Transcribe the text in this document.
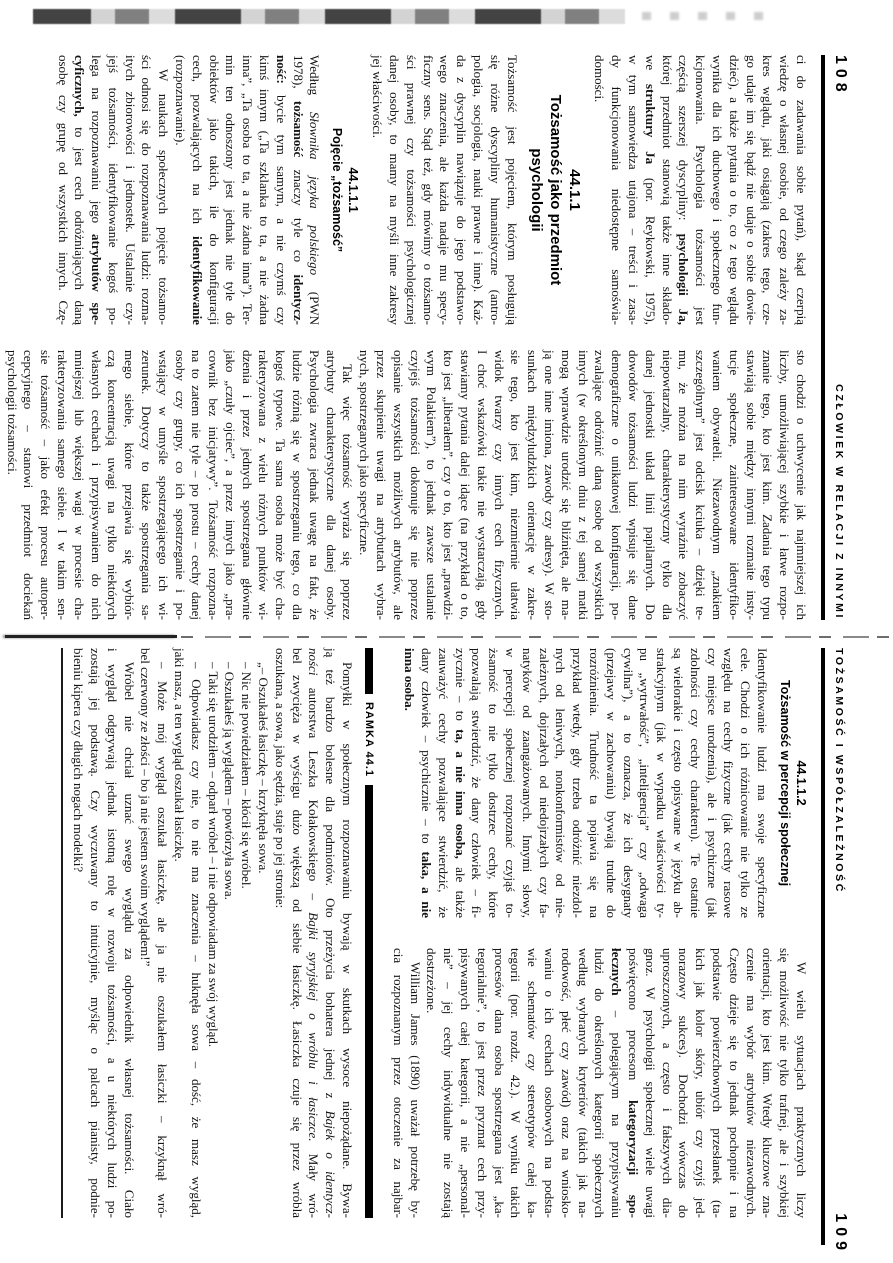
108
CZŁOWIEK W RELACJI Z INNYMI
ci do zadawania sobie pytań), skąd czerpią
wiedzę o własnej osobie, od czego zależy za-
kres wglądu, jaki osiągają (zakres tego, cze-
go udaje im się bądź nie udaje o sobie dowie-
dzieć), a także pytania o to, co z tego wglądu
wynika dla ich duchowego i społecznego fun-
kcjonowania. Psychologia tożsamości jest
częścią szerszej dyscypliny: psychologii Ja,
której przedmiot stanowią także inne składo-
we struktury Ja (por. Reykowski, 1975),
w tym samowiedza utajona – treści i zasa-
dy funkcjonowania niedostępne samoświa-
domości.
44.1.1
Tożsamość jako przedmiot
psychologii
Tożsamość jest pojęciem, którym posługują
się różne dyscypliny humanistyczne (antro-
pologia, socjologia, nauki prawne i inne). Każ-
da z dyscyplin nawiązuje do jego podstawo-
wego znaczenia, ale każda nadaje mu specy-
ficzny sens. Stąd też, gdy mówimy o tożsamo-
ści prawnej czy tożsamości psychologicznej
danej osoby, to mamy na myśli inne zakresy
jej właściwości.
44.1.1.1
Pojęcie „tożsamość”
Według Słownika języka polskiego (PWN
1978), tożsamość znaczy tyle co identycz-
ność: bycie tym samym, a nie czymś czy
kimś innym („Ta szklanka to ta, a nie żadna
inna”, „Ta osoba to ta, a nie żadna inna”). Ter-
min ten odnoszony jest jednak nie tyle do
obiektów jako takich, ile do konfiguracji
cech, pozwalających na ich identyfikowanie
(rozpoznawanie).
W naukach społecznych pojęcie tożsamo-
ści odnosi się do rozpoznawania ludzi: rozma-
itych zbiorowości i jednostek. Ustalanie czy-
jejś tożsamości, identyfikowanie kogoś po-
lega na rozpoznawaniu jego atrybutów spe-
cyficznych, to jest cech odróżniających daną
osobę czy grupę od wszystkich innych. Czę-
sto chodzi o uchwycenie jak najmniejszej ich
liczby, umożliwiającej szybkie i łatwe rozpo-
znanie tego, kto jest kim. Zadania tego typu
stawiają sobie między innymi rozmaite insty-
tucje społeczne, zainteresowane identyfiko-
waniem obywateli. Niezawodnym „znakiem
szczególnym” jest odcisk kciuka – dzięki te-
mu, że można na nim wyraźnie zobaczyć
niepowtarzalny, charakterystyczny tylko dla
danej jednostki układ linii papilarnych. Do
dowodów tożsamości ludzi wpisuje się dane
demograficzne o unikatowej konfiguracji, po-
zwalające odróżnić daną osobę od wszystkich
innych (w określonym dniu z tej samej matki
mogą wprawdzie urodzić się bliźnięta, ale ma-
ją one inne imiona, zawody czy adresy). W sto-
sunkach międzyludzkich orientację w zakre-
sie tego, kto jest kim, niezmiernie ułatwia
widok twarzy czy innych cech fizycznych.
I choć wskazówki takie nie wystarczają, gdy
stawiamy pytania dalej idące (na przykład o to,
kto jest „liberałem”, czy o to, kto jest „prawdzi-
wym Polakiem”), to jednak zawsze ustalanie
czyjejś tożsamości dokonuje się nie poprzez
opisanie wszystkich możliwych atrybutów, ale
przez skupienie uwagi na atrybutach wybra-
nych, spostrzeganych jako specyficzne.
Tak więc tożsamość wyraża się poprzez
atrybuty charakterystyczne dla danej osoby.
Psychologia zwraca jednak uwagę na fakt, że
ludzie różnią się w spostrzeganiu tego, co dla
kogoś typowe. Ta sama osoba może być cha-
rakteryzowana z wielu różnych punktów wi-
dzenia i przez jednych spostrzegana głównie
jako „czuły ojciec”, a przez innych jako „pra-
cownik bez inicjatywy”. Tożsamość rozpozna-
na to zatem nie tyle – po prostu – cechy danej
osoby czy grupy, co ich spostrzeganie i po-
wstający w umyśle spostrzegającego ich wi-
zerunek. Dotyczy to także spostrzegania sa-
mego siebie, które przejawia się wybiór-
czą koncentracją uwagi na tylko niektórych
własnych cechach i przypisywaniem do nich
mniejszej lub większej wagi w procesie cha-
rakteryzowania samego siebie. I w takim sen-
sie tożsamość – jako efekt procesu autoper-
cepcyjnego – stanowi przedmiot dociekań
psychologii tożsamości.
TOŻSAMOŚĆ I WSPÓŁZALEŻNOŚĆ
109
44.1.1.2
Tożsamość w percepcji społecznej
Identyfikowanie ludzi ma swoje specyficzne
cele. Chodzi o ich różnicowanie nie tylko ze
względu na cechy fizyczne (jak cechy rasowe
czy miejsce urodzenia), ale i psychiczne (jak
zdolności czy cechy charakteru). Te ostatnie
są wielorakie i często opisywane w języku ab-
strakcyjnym (jak w wypadku właściwości ty-
pu „wytrwałość”, „inteligencja” czy „odwaga
cywilna”), a to oznacza, że ich desygnaty
(przejawy w zachowaniu) bywają trudne do
rozróżnienia. Trudność ta pojawia się na
przykład wtedy, gdy trzeba odróżnić niezdol-
nych od leniwych, nonkonformistów od nie-
zależnych, dojrzałych od niedojrzałych czy fa-
natyków od zaangażowanych. Innymi słowy,
w percepcji społecznej rozpoznać czyjąś to-
żsamość to nie tylko dostrzec cechy, które
pozwalają stwierdzić, że dany człowiek – fi-
zycznie – to ta, a nie inna osoba, ale także
zauważyć cechy pozwalające stwierdzić, że
dany człowiek – psychicznie – to taka, a nie
inna osoba.
W wielu sytuacjach praktycznych liczy
się możliwość nie tylko trafnej, ale i szybkiej
orientacji, kto jest kim. Wtedy kluczowe zna-
czenie ma wybór atrybutów niezawodnych.
Często dzieje się to jednak pochopnie i na
podstawie powierzchownych przesłanek (ta-
kich jak kolor skóry, ubiór czy czyjś jed-
norazowy sukces). Dochodzi wówczas do
uproszczonych, a często i fałszywych dia-
gnoz. W psychologii społecznej wiele uwagi
poświęcono procesom kategoryzacji spo-
łecznych – polegającym na przypisywaniu
ludzi do określonych kategorii społecznych
według wybranych kryteriów (takich jak na-
rodowość, płeć czy zawód) oraz na wniosko-
waniu o ich cechach osobowych na podsta-
wie schematów czy stereotypów całej ka-
tegorii (por. rozdz. 42.). W wyniku takich
procesów dana osoba spostrzegana jest „ka-
tegorialnie”, to jest przez pryzmat cech przy-
pisywanych całej kategorii, a nie „personal-
nie” – jej cechy indywidualne nie zostają
dostrzeżone.
William James (1890) uważał potrzebę by-
cia rozpoznanym przez otoczenie za najbar-
RAMKA 44.1
Pomyłki w społecznym rozpoznawaniu bywają w skutkach wysoce niepożądane. Bywa-
ją też bardzo bolesne dla podmiotów. Oto przeżycia bohatera jednej z Bajek o identycz-
ności autorstwa Leszka Kołakowskiego – Bajki syryjskiej o wróblu i łasiczce. Mały wró-
bel zwycięża w wyścigu dużo większą od siebie łasiczkę. Łasiczka czuje się przez wróbla
oszukana, a sowa, jako sędzia, staje po jej stronie:
„– Oszukałeś łasiczkę – krzyknęła sowa.
– Nic nie powiedziałem – kłócił się wróbel.
– Oszukałeś ją wyglądem – powtórzyła sowa.
– Taki się urodziłem – odparł wróbel – i nie odpowiadam za swój wygląd.
– Odpowiadasz czy nie, to nie ma znaczenia – huknęła sowa – dość, że masz wygląd,
jaki masz, a ten wygląd oszukał łasiczkę.
– Może mój wygląd oszukał łasiczkę, ale ja nie oszukałem łasiczki – krzyknął wró-
bel czerwony ze złości – bo ja nie jestem swoim wyglądem!”
Wróbel nie chciał uznać swego wyglądu za odpowiednik własnej tożsamości. Ciało
i wygląd odgrywają jednak istotną rolę w rozwoju tożsamości, a u niektórych ludzi po-
zostają jej podstawą. Czy wyczuwany to intuicyjnie, myśląc o palcach pianisty, podnie-
bieniu kipera czy długich nogach modelki?
